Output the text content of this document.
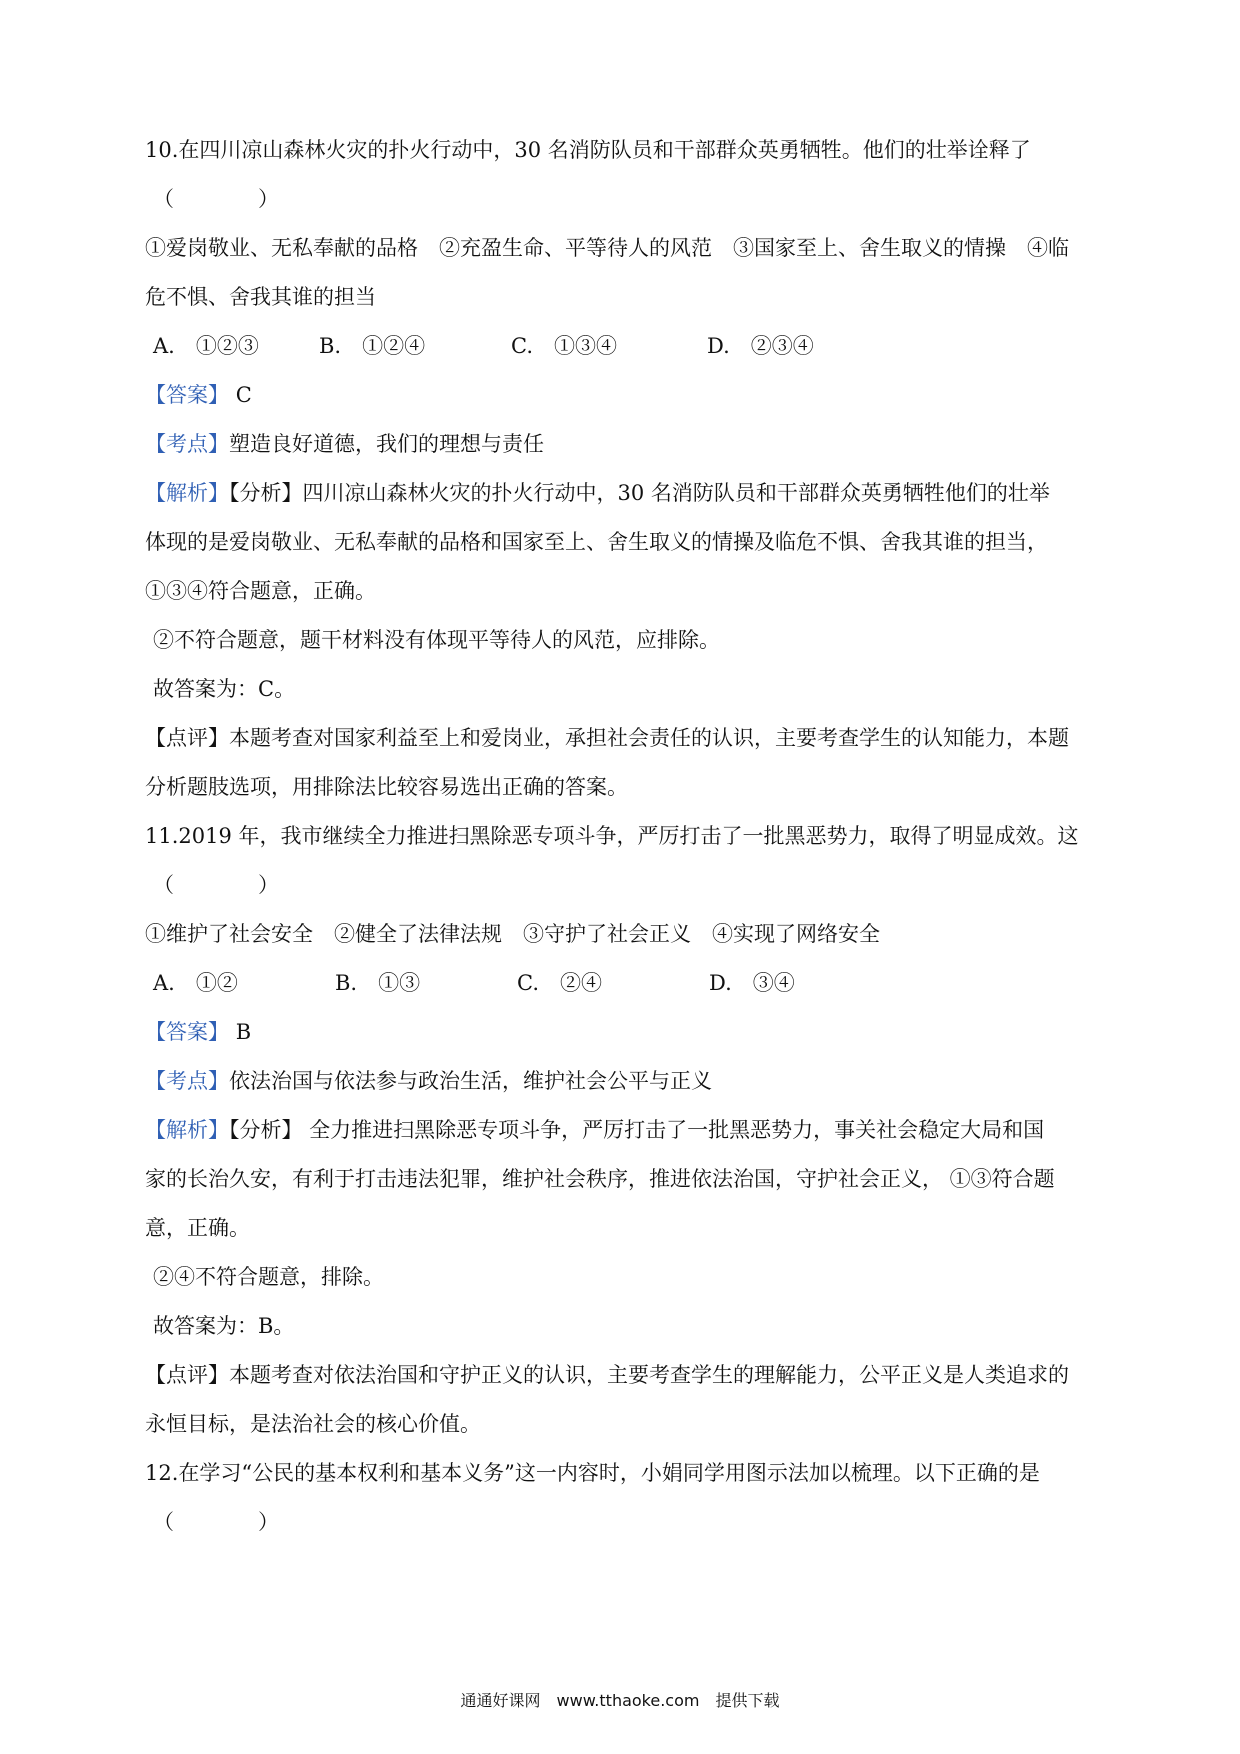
10.在四川凉山森林火灾的扑火行动中，30 名消防队员和干部群众英勇牺牲。他们的壮举诠释了
（　　　　）
①爱岗敬业、无私奉献的品格　②充盈生命、平等待人的风范　③国家至上、舍生取义的情操　④临
危不惧、舍我其谁的担当
A.　①②③	B.　①②④	C.　①③④	D.　②③④
【答案】 C
【考点】塑造良好道德，我们的理想与责任
【解析】【分析】四川凉山森林火灾的扑火行动中，30 名消防队员和干部群众英勇牺牲他们的壮举
体现的是爱岗敬业、无私奉献的品格和国家至上、舍生取义的情操及临危不惧、舍我其谁的担当，
①③④符合题意，正确。
②不符合题意，题干材料没有体现平等待人的风范，应排除。
故答案为：C。
【点评】本题考查对国家利益至上和爱岗业，承担社会责任的认识，主要考查学生的认知能力，本题
分析题肢选项，用排除法比较容易选出正确的答案。
11.2019 年，我市继续全力推进扫黑除恶专项斗争，严厉打击了一批黑恶势力，取得了明显成效。这
（　　　　）
①维护了社会安全　②健全了法律法规　③守护了社会正义　④实现了网络安全
A.　①②	B.　①③	C.　②④	D.　③④
【答案】 B
【考点】依法治国与依法参与政治生活，维护社会公平与正义
【解析】【分析】 全力推进扫黑除恶专项斗争，严厉打击了一批黑恶势力，事关社会稳定大局和国
家的长治久安，有利于打击违法犯罪，维护社会秩序，推进依法治国，守护社会正义， ①③符合题
意，正确。
②④不符合题意，排除。
故答案为：B。
【点评】本题考查对依法治国和守护正义的认识，主要考查学生的理解能力，公平正义是人类追求的
永恒目标，是法治社会的核心价值。
12.在学习“公民的基本权利和基本义务”这一内容时，小娟同学用图示法加以梳理。以下正确的是
（　　　　）
通通好课网　www.tthaoke.com　提供下载
